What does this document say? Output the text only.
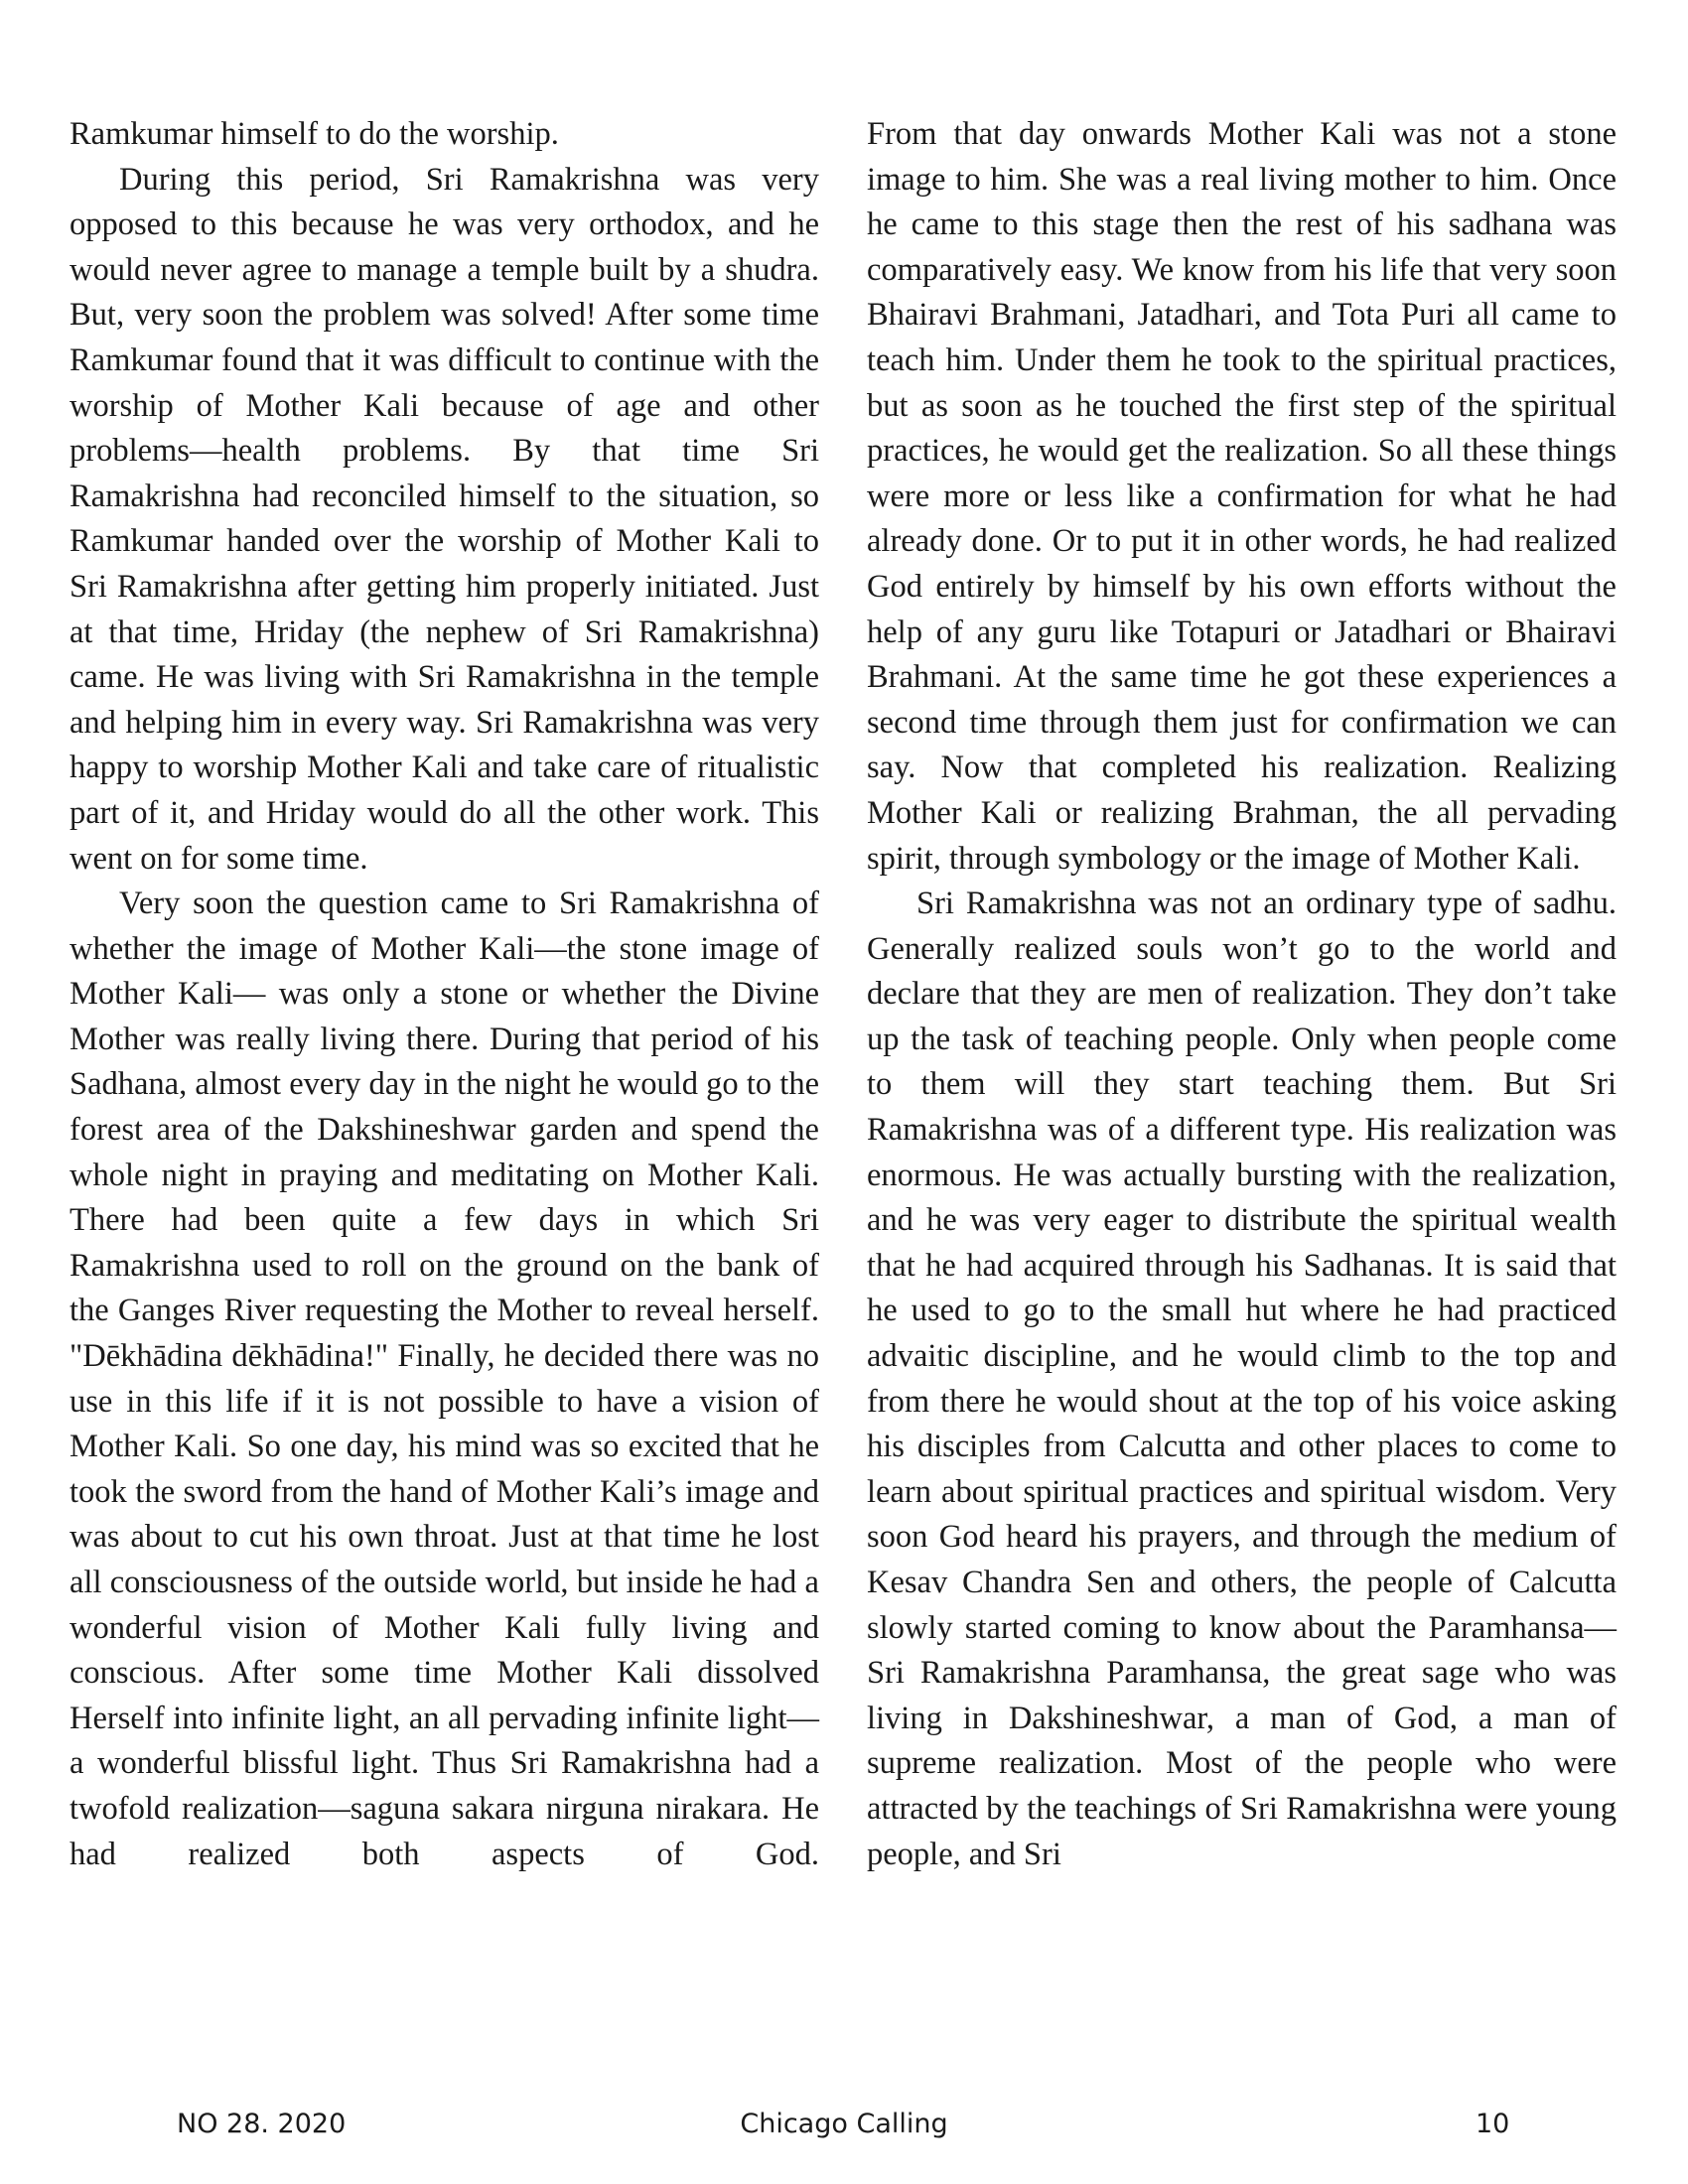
Ramkumar himself to do the worship.

During this period, Sri Ramakrishna was very opposed to this because he was very orthodox, and he would never agree to manage a temple built by a shudra. But, very soon the problem was solved! After some time Ramkumar found that it was difficult to continue with the worship of Mother Kali because of age and other problems—health problems. By that time Sri Ramakrishna had reconciled himself to the situation, so Ramkumar handed over the worship of Mother Kali to Sri Ramakrishna after getting him properly initiated. Just at that time, Hriday (the nephew of Sri Ramakrishna) came. He was living with Sri Ramakrishna in the temple and helping him in every way. Sri Ramakrishna was very happy to worship Mother Kali and take care of ritualistic part of it, and Hriday would do all the other work. This went on for some time.

Very soon the question came to Sri Ramakrishna of whether the image of Mother Kali—the stone image of Mother Kali— was only a stone or whether the Divine Mother was really living there. During that period of his Sadhana, almost every day in the night he would go to the forest area of the Dakshineshwar garden and spend the whole night in praying and meditating on Mother Kali. There had been quite a few days in which Sri Ramakrishna used to roll on the ground on the bank of the Ganges River requesting the Mother to reveal herself. "Dēkhādina dēkhādina!" Finally, he decided there was no use in this life if it is not possible to have a vision of Mother Kali. So one day, his mind was so excited that he took the sword from the hand of Mother Kali’s image and was about to cut his own throat. Just at that time he lost all consciousness of the outside world, but inside he had a wonderful vision of Mother Kali fully living and conscious. After some time Mother Kali dissolved Herself into infinite light, an all pervading infinite light—a wonderful blissful light. Thus Sri Ramakrishna had a twofold realization—saguna sakara nirguna nirakara. He had realized both aspects of God.

From that day onwards Mother Kali was not a stone image to him. She was a real living mother to him. Once he came to this stage then the rest of his sadhana was comparatively easy. We know from his life that very soon Bhairavi Brahmani, Jatadhari, and Tota Puri all came to teach him. Under them he took to the spiritual practices, but as soon as he touched the first step of the spiritual practices, he would get the realization. So all these things were more or less like a confirmation for what he had already done. Or to put it in other words, he had realized God entirely by himself by his own efforts without the help of any guru like Totapuri or Jatadhari or Bhairavi Brahmani. At the same time he got these experiences a second time through them just for confirmation we can say. Now that completed his realization. Realizing Mother Kali or realizing Brahman, the all pervading spirit, through symbology or the image of Mother Kali.

Sri Ramakrishna was not an ordinary type of sadhu. Generally realized souls won’t go to the world and declare that they are men of realization. They don’t take up the task of teaching people. Only when people come to them will they start teaching them. But Sri Ramakrishna was of a different type. His realization was enormous. He was actually bursting with the realization, and he was very eager to distribute the spiritual wealth that he had acquired through his Sadhanas. It is said that he used to go to the small hut where he had practiced advaitic discipline, and he would climb to the top and from there he would shout at the top of his voice asking his disciples from Calcutta and other places to come to learn about spiritual practices and spiritual wisdom. Very soon God heard his prayers, and through the medium of Kesav Chandra Sen and others, the people of Calcutta slowly started coming to know about the Paramhansa—Sri Ramakrishna Paramhansa, the great sage who was living in Dakshineshwar, a man of God, a man of supreme realization. Most of the people who were attracted by the teachings of Sri Ramakrishna were young people, and Sri

Chicago Calling
NO 28. 2020	10
